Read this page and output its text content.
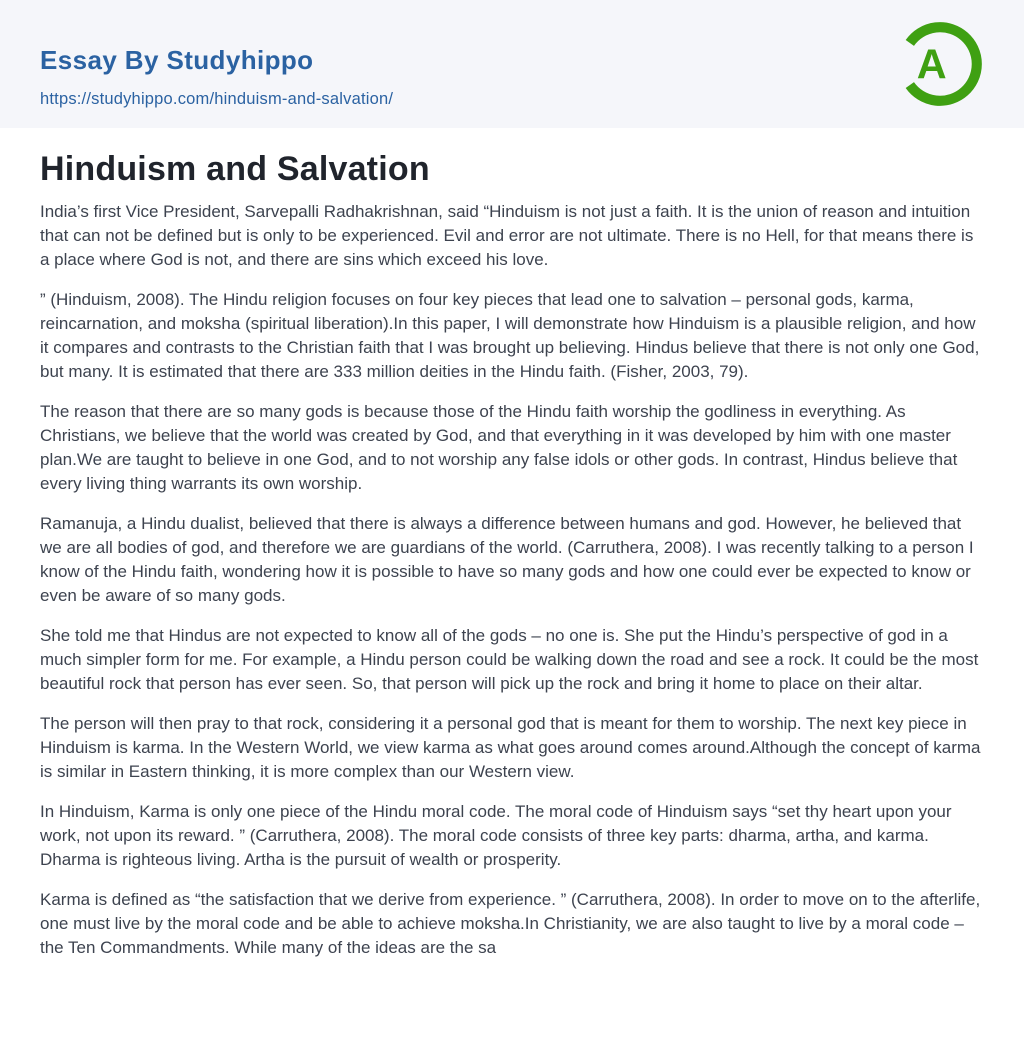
Essay By Studyhippo
https://studyhippo.com/hinduism-and-salvation/
A
Hinduism and Salvation

India’s first Vice President, Sarvepalli Radhakrishnan, said “Hinduism is not just a faith. It is the union of reason and intuition that can not be defined but is only to be experienced. Evil and error are not ultimate. There is no Hell, for that means there is a place where God is not, and there are sins which exceed his love.

” (Hinduism, 2008). The Hindu religion focuses on four key pieces that lead one to salvation – personal gods, karma, reincarnation, and moksha (spiritual liberation).In this paper, I will demonstrate how Hinduism is a plausible religion, and how it compares and contrasts to the Christian faith that I was brought up believing. Hindus believe that there is not only one God, but many. It is estimated that there are 333 million deities in the Hindu faith. (Fisher, 2003, 79).

The reason that there are so many gods is because those of the Hindu faith worship the godliness in everything. As Christians, we believe that the world was created by God, and that everything in it was developed by him with one master plan.We are taught to believe in one God, and to not worship any false idols or other gods. In contrast, Hindus believe that every living thing warrants its own worship.

Ramanuja, a Hindu dualist, believed that there is always a difference between humans and god. However, he believed that we are all bodies of god, and therefore we are guardians of the world. (Carruthera, 2008). I was recently talking to a person I know of the Hindu faith, wondering how it is possible to have so many gods and how one could ever be expected to know or even be aware of so many gods.

She told me that Hindus are not expected to know all of the gods – no one is. She put the Hindu’s perspective of god in a much simpler form for me. For example, a Hindu person could be walking down the road and see a rock. It could be the most beautiful rock that person has ever seen. So, that person will pick up the rock and bring it home to place on their altar.

The person will then pray to that rock, considering it a personal god that is meant for them to worship. The next key piece in Hinduism is karma. In the Western World, we view karma as what goes around comes around.Although the concept of karma is similar in Eastern thinking, it is more complex than our Western view.

In Hinduism, Karma is only one piece of the Hindu moral code. The moral code of Hinduism says “set thy heart upon your work, not upon its reward. ” (Carruthera, 2008). The moral code consists of three key parts: dharma, artha, and karma. Dharma is righteous living. Artha is the pursuit of wealth or prosperity.

Karma is defined as “the satisfaction that we derive from experience. ” (Carruthera, 2008). In order to move on to the afterlife, one must live by the moral code and be able to achieve moksha.In Christianity, we are also taught to live by a moral code – the Ten Commandments. While many of the ideas are the sa
